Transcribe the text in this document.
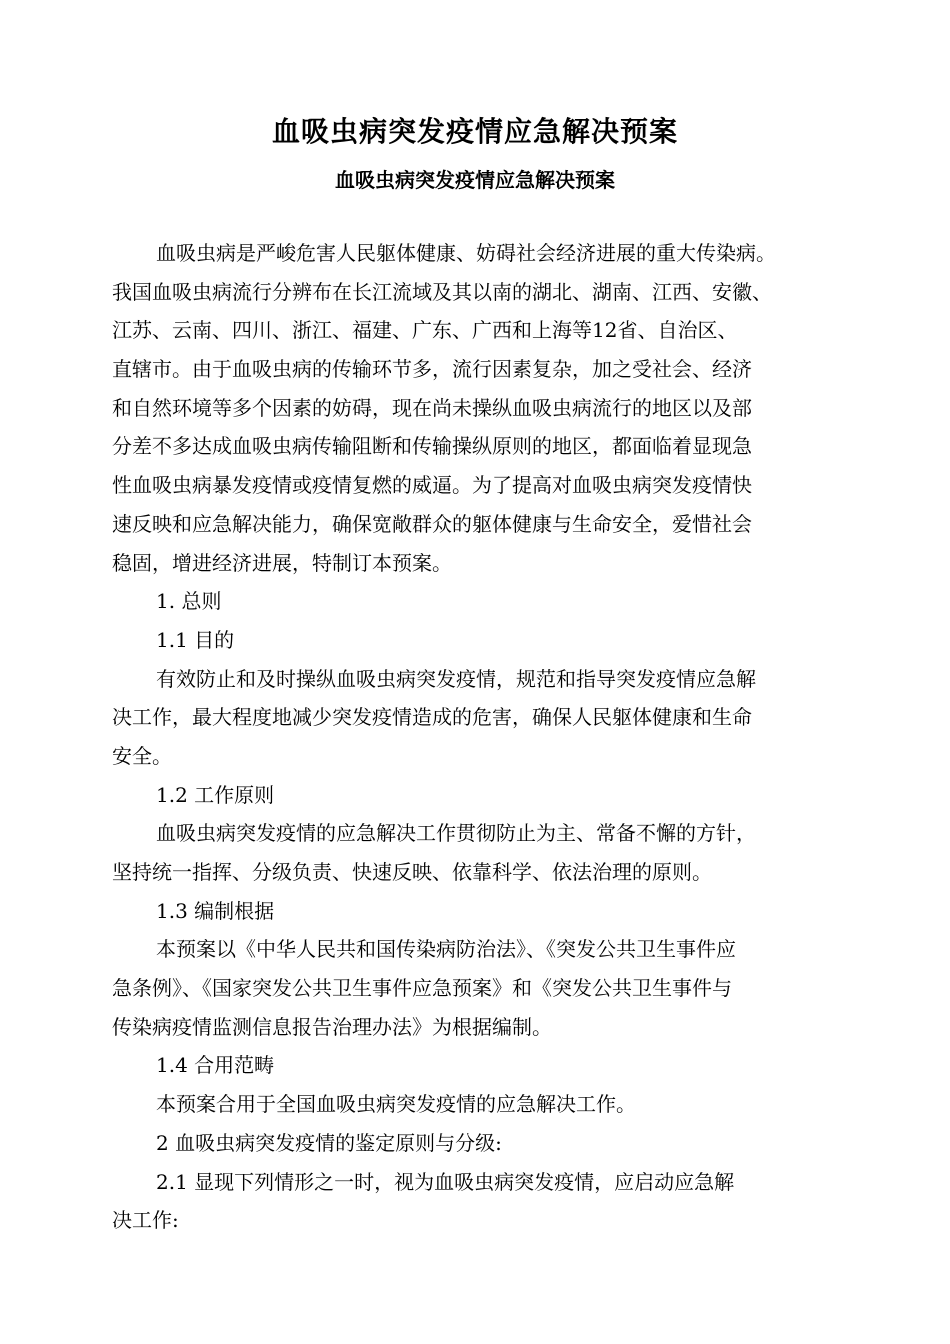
血吸虫病突发疫情应急解决预案
血吸虫病突发疫情应急解决预案
血吸虫病是严峻危害人民躯体健康、妨碍社会经济进展的重大传染病。
我国血吸虫病流行分辨布在长江流域及其以南的湖北、湖南、江西、安徽、
江苏、云南、四川、浙江、福建、广东、广西和上海等12省、自治区、
直辖市。由于血吸虫病的传输环节多，流行因素复杂，加之受社会、经济
和自然环境等多个因素的妨碍，现在尚未操纵血吸虫病流行的地区以及部
分差不多达成血吸虫病传输阻断和传输操纵原则的地区，都面临着显现急
性血吸虫病暴发疫情或疫情复燃的威逼。为了提高对血吸虫病突发疫情快
速反映和应急解决能力，确保宽敞群众的躯体健康与生命安全，爱惜社会
稳固，增进经济进展，特制订本预案。
1. 总则
1.1 目的
有效防止和及时操纵血吸虫病突发疫情，规范和指导突发疫情应急解
决工作，最大程度地减少突发疫情造成的危害，确保人民躯体健康和生命
安全。
1.2 工作原则
血吸虫病突发疫情的应急解决工作贯彻防止为主、常备不懈的方针，
坚持统一指挥、分级负责、快速反映、依靠科学、依法治理的原则。
1.3 编制根据
本预案以《中华人民共和国传染病防治法》、《突发公共卫生事件应
急条例》、《国家突发公共卫生事件应急预案》和《突发公共卫生事件与
传染病疫情监测信息报告治理办法》为根据编制。
1.4 合用范畴
本预案合用于全国血吸虫病突发疫情的应急解决工作。
2 血吸虫病突发疫情的鉴定原则与分级:
2.1 显现下列情形之一时，视为血吸虫病突发疫情，应启动应急解
决工作:
